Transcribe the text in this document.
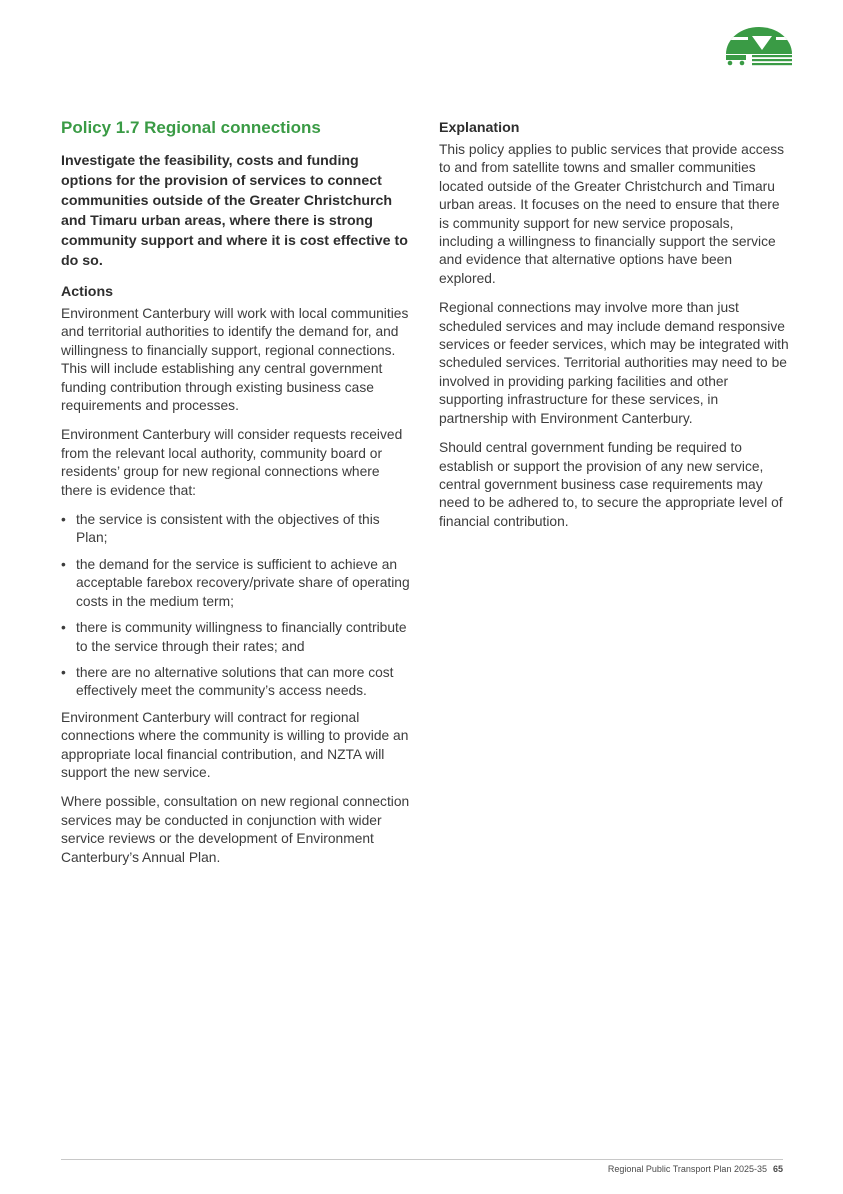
Policy 1.7 Regional connections

Investigate the feasibility, costs and funding options for the provision of services to connect communities outside of the Greater Christchurch and Timaru urban areas, where there is strong community support and where it is cost effective to do so.

Actions

Environment Canterbury will work with local communities and territorial authorities to identify the demand for, and willingness to financially support, regional connections. This will include establishing any central government funding contribution through existing business case requirements and processes.

Environment Canterbury will consider requests received from the relevant local authority, community board or residents’ group for new regional connections where there is evidence that:

• the service is consistent with the objectives of this Plan;
• the demand for the service is sufficient to achieve an acceptable farebox recovery/private share of operating costs in the medium term;
• there is community willingness to financially contribute to the service through their rates; and
• there are no alternative solutions that can more cost effectively meet the community’s access needs.

Environment Canterbury will contract for regional connections where the community is willing to provide an appropriate local financial contribution, and NZTA will support the new service.

Where possible, consultation on new regional connection services may be conducted in conjunction with wider service reviews or the development of Environment Canterbury’s Annual Plan.

Explanation

This policy applies to public services that provide access to and from satellite towns and smaller communities located outside of the Greater Christchurch and Timaru urban areas. It focuses on the need to ensure that there is community support for new service proposals, including a willingness to financially support the service and evidence that alternative options have been explored.

Regional connections may involve more than just scheduled services and may include demand responsive services or feeder services, which may be integrated with scheduled services. Territorial authorities may need to be involved in providing parking facilities and other supporting infrastructure for these services, in partnership with Environment Canterbury.

Should central government funding be required to establish or support the provision of any new service, central government business case requirements may need to be adhered to, to secure the appropriate level of financial contribution.

Regional Public Transport Plan 2025-35 65
